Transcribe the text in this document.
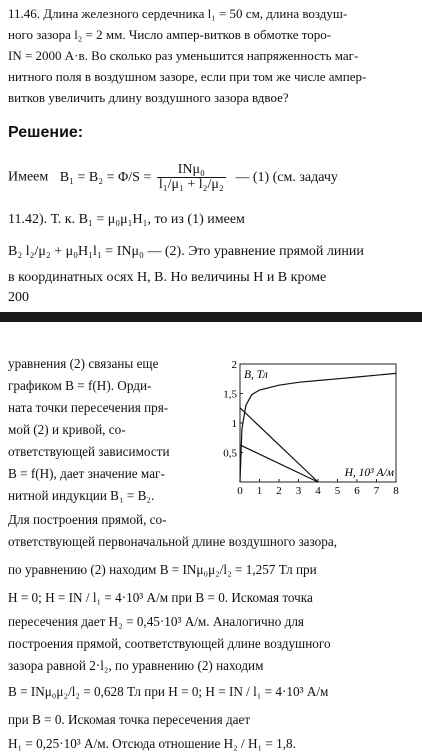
11.46. Длина железного сердечника l₁ = 50 см, длина воздуш-
ного зазора l₂ = 2 мм. Число ампер-витков в обмотке торо-
IN = 2000 А·в. Во сколько раз уменьшится напряженность маг-
нитного поля в воздушном зазоре, если при том же числе ампер-
витков увеличить длину воздушного зазора вдвое?
Решение:
Имеем $B_1 = B_2 = \Phi/S = \frac{\text{INμ₀}}{\text{l₁/μ₁ + l₂/μ₂}}$ — (1) (см. задачу
11.42). Т. к. B₁ = μ₀μ₁H₁, то из (1) имеем
B₂ l₂/μ₂ + μ₀H₁l₁ = INμ₀ — (2). Это уравнение прямой линии
в координатных осях H, B. Но величины H и B кроме
200
уравнения (2) связаны еще
графиком B = f(H). Орди-
ната точки пересечения пря-
мой (2) и кривой, со-
ответствующей зависимости
B = f(H), дает значение маг-
нитной индукции B₁ = B₂.
Для построения прямой, со-
ответствующей первоначальной длине воздушного зазора,
по уравнению (2) находим B = INμ₀μ₂/l₂ = 1,257 Тл при
H = 0; H = IN / l₁ = 4·10³ А/м при B = 0. Искомая точка
пересечения дает H₂ = 0,45·10³ А/м. Аналогично для
построения прямой, соответствующей длине воздушного
зазора равной 2·l₂, по уравнению (2) находим
B = INμ₀μ₂/l₂ = 0,628 Тл при H = 0; H = IN / l₁ = 4·10³ А/м
при B = 0. Искомая точка пересечения дает
H₁ = 0,25·10³ А/м. Отсюда отношение H₂ / H₁ = 1,8.
0 1 2 3 4 5 6 7 8
0,5
1
1,5
2
B, Тл
H, 10³ А/м
